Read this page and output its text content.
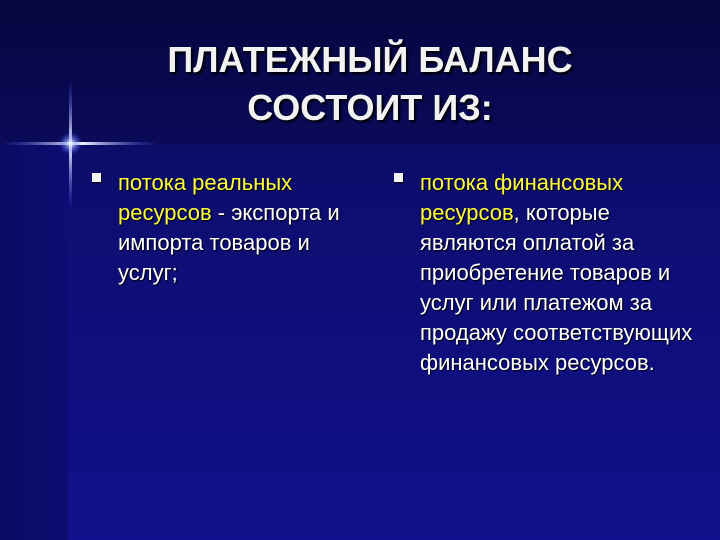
ПЛАТЕЖНЫЙ БАЛАНС
СОСТОИТ ИЗ:

потока реальных ресурсов - экспорта и импорта товаров и услуг;

потока финансовых ресурсов, которые являются оплатой за приобретение товаров и услуг или платежом за продажу соответствующих финансовых ресурсов.
